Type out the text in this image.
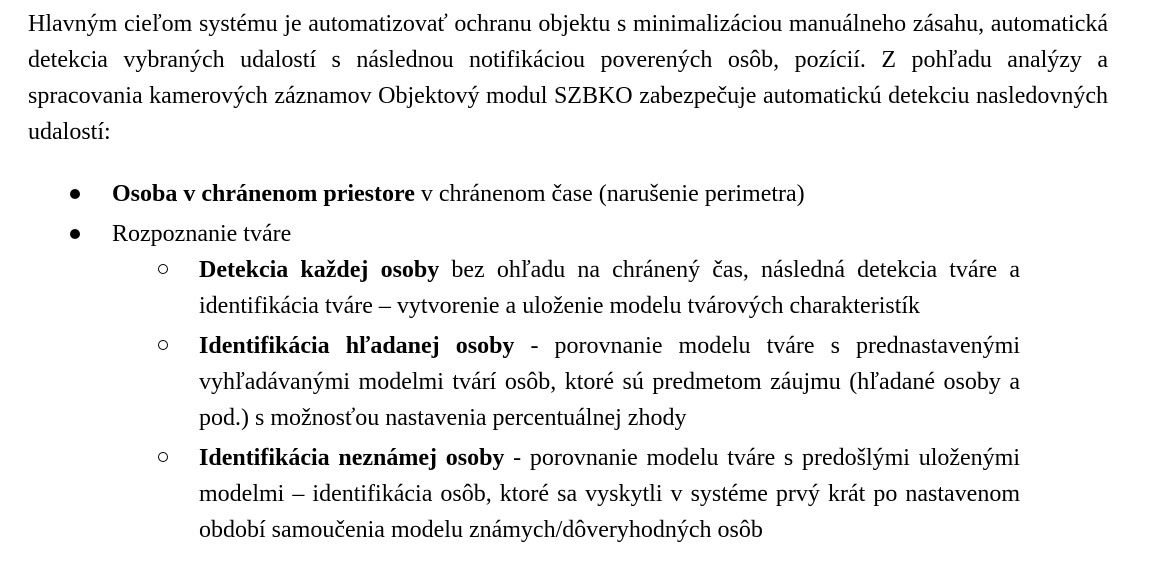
Hlavným cieľom systému je automatizovať ochranu objektu s minimalizáciou manuálneho zásahu, automatická detekcia vybraných udalostí s následnou notifikáciou poverených osôb, pozícií. Z pohľadu analýzy a spracovania kamerových záznamov Objektový modul SZBKO zabezpečuje automatickú detekciu nasledovných udalostí:

Osoba v chránenom priestore v chránenom čase (narušenie perimetra)
Rozpoznanie tváre
Detekcia každej osoby bez ohľadu na chránený čas, následná detekcia tváre a identifikácia tváre – vytvorenie a uloženie modelu tvárových charakteristík
Identifikácia hľadanej osoby - porovnanie modelu tváre s prednastavenými vyhľadávanými modelmi tvárí osôb, ktoré sú predmetom záujmu (hľadané osoby a pod.) s možnosťou nastavenia percentuálnej zhody
Identifikácia neznámej osoby - porovnanie modelu tváre s predošlými uloženými modelmi – identifikácia osôb, ktoré sa vyskytli v systéme prvý krát po nastavenom období samoučenia modelu známych/dôveryhodných osôb
